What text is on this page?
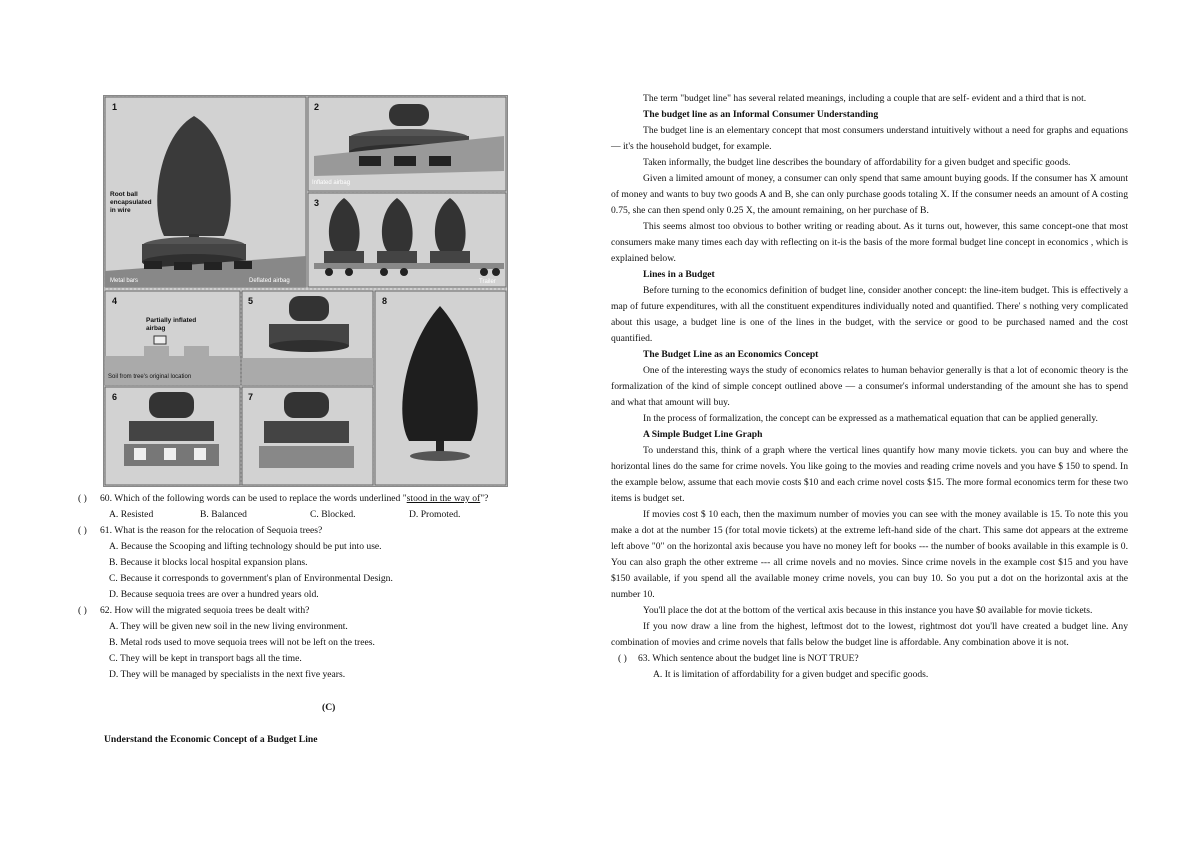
1
Root ball
encapsulated
in wire
Metal bars	Deflated airbag
2
Inflated airbag
3
Trailer
4
Partially inflated
airbag
Soil from tree's original location
5
6	7
8
( ) 60. Which of the following words can be used to replace the words underlined "stood in the way of"?
A. Resisted	B. Balanced	C. Blocked.	D. Promoted.
( ) 61. What is the reason for the relocation of Sequoia trees?
A. Because the Scooping and lifting technology should be put into use.
B. Because it blocks local hospital expansion plans.
C. Because it corresponds to government's plan of Environmental Design.
D. Because sequoia trees are over a hundred years old.
( ) 62. How will the migrated sequoia trees be dealt with?
A. They will be given new soil in the new living environment.
B. Metal rods used to move sequoia trees will not be left on the trees.
C. They will be kept in transport bags all the time.
D. They will be managed by specialists in the next five years.
(C)
Understand the Economic Concept of a Budget Line

The term "budget line" has several related meanings, including a couple that are self- evident and a third that is not.

The budget line as an Informal Consumer Understanding

The budget line is an elementary concept that most consumers understand intuitively without a need for graphs and equations — it's the household budget, for example.

Taken informally, the budget line describes the boundary of affordability for a given budget and specific goods.

Given a limited amount of money, a consumer can only spend that same amount buying goods. If the consumer has X amount of money and wants to buy two goods A and B, she can only purchase goods totaling X. If the consumer needs an amount of A costing 0.75, she can then spend only 0.25 X, the amount remaining, on her purchase of B.

This seems almost too obvious to bother writing or reading about. As it turns out, however, this same concept-one that most consumers make many times each day with reflecting on it-is the basis of the more formal budget line concept in economics , which is explained below.

Lines in a Budget

Before turning to the economics definition of budget line, consider another concept: the line-item budget. This is effectively a map of future expenditures, with all the constituent expenditures individually noted and quantified. There' s nothing very complicated about this usage, a budget line is one of the lines in the budget, with the service or good to be purchased named and the cost quantified.

The Budget Line as an Economics Concept

One of the interesting ways the study of economics relates to human behavior generally is that a lot of economic theory is the formalization of the kind of simple concept outlined above — a consumer's informal understanding of the amount she has to spend and what that amount will buy.

In the process of formalization, the concept can be expressed as a mathematical equation that can be applied generally.

A Simple Budget Line Graph

To understand this, think of a graph where the vertical lines quantify how many movie tickets. you can buy and where the horizontal lines do the same for crime novels. You like going to the movies and reading crime novels and you have $ 150 to spend. In the example below, assume that each movie costs $10 and each crime novel costs $15. The more formal economics term for these two items is budget set.

If movies cost $ 10 each, then the maximum number of movies you can see with the money available is 15. To note this you make a dot at the number 15 (for total movie tickets) at the extreme left-hand side of the chart. This same dot appears at the extreme left above "0" on the horizontal axis because you have no money left for books --- the number of books available in this example is 0. You can also graph the other extreme --- all crime novels and no movies. Since crime novels in the example cost $15 and you have $150 available, if you spend all the available money crime novels, you can buy 10. So you put a dot on the horizontal axis at the number 10.

You'll place the dot at the bottom of the vertical axis because in this instance you have $0 available for movie tickets.

If you now draw a line from the highest, leftmost dot to the lowest, rightmost dot you'll have created a budget line. Any combination of movies and crime novels that falls below the budget line is affordable. Any combination above it is not.

( ) 63. Which sentence about the budget line is NOT TRUE?
A. It is limitation of affordability for a given budget and specific goods.
